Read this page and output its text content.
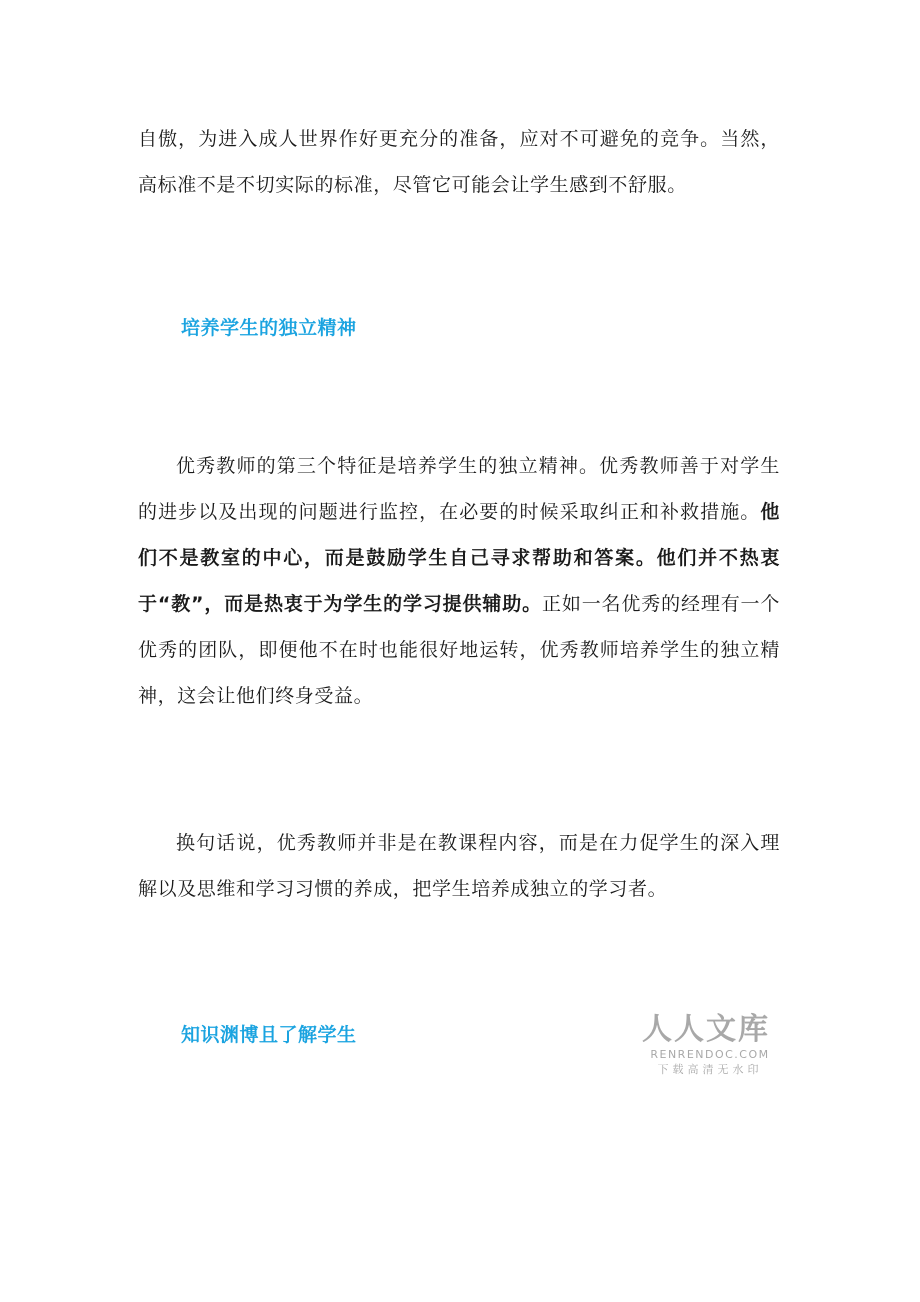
自傲，为进入成人世界作好更充分的准备，应对不可避免的竞争。当然，高标准不是不切实际的标准，尽管它可能会让学生感到不舒服。

培养学生的独立精神

优秀教师的第三个特征是培养学生的独立精神。优秀教师善于对学生的进步以及出现的问题进行监控，在必要的时候采取纠正和补救措施。他们不是教室的中心，而是鼓励学生自己寻求帮助和答案。他们并不热衷于“教”，而是热衷于为学生的学习提供辅助。正如一名优秀的经理有一个优秀的团队，即便他不在时也能很好地运转，优秀教师培养学生的独立精神，这会让他们终身受益。

换句话说，优秀教师并非是在教课程内容，而是在力促学生的深入理解以及思维和学习习惯的养成，把学生培养成独立的学习者。

知识渊博且了解学生	人人文库
RENRENDOC.COM
下载高清无水印
